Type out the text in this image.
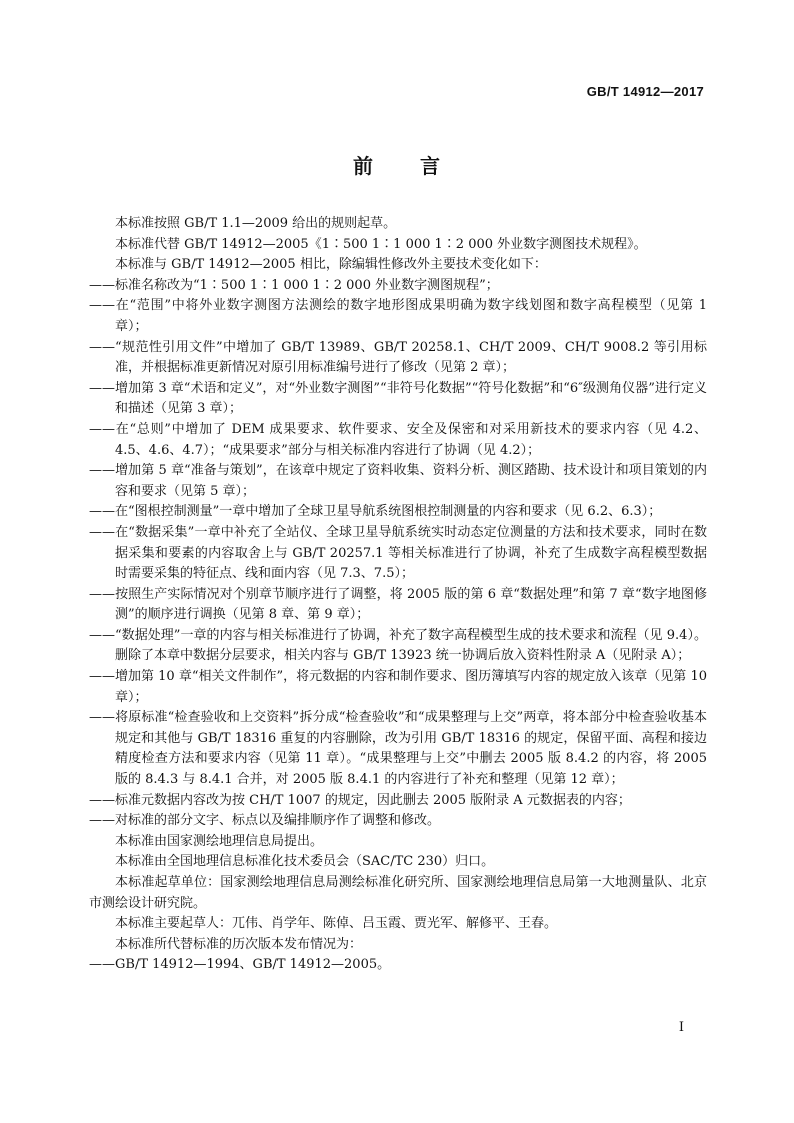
GB/T 14912—2017
前 言

本标准按照 GB/T 1.1—2009 给出的规则起草。

本标准代替 GB/T 14912—2005《1∶500 1∶1 000 1∶2 000 外业数字测图技术规程》。

本标准与 GB/T 14912—2005 相比，除编辑性修改外主要技术变化如下：

——标准名称改为“1∶500 1∶1 000 1∶2 000 外业数字测图规程”；

——在“范围”中将外业数字测图方法测绘的数字地形图成果明确为数字线划图和数字高程模型（见第 1 章）；

——“规范性引用文件”中增加了 GB/T 13989、GB/T 20258.1、CH/T 2009、CH/T 9008.2 等引用标准，并根据标准更新情况对原引用标准编号进行了修改（见第 2 章）；

——增加第 3 章“术语和定义”，对“外业数字测图”“非符号化数据”“符号化数据”和“6″级测角仪器”进行定义和描述（见第 3 章）；

——在“总则”中增加了 DEM 成果要求、软件要求、安全及保密和对采用新技术的要求内容（见 4.2、4.5、4.6、4.7）；“成果要求”部分与相关标准内容进行了协调（见 4.2）；

——增加第 5 章“准备与策划”，在该章中规定了资料收集、资料分析、测区踏勘、技术设计和项目策划的内容和要求（见第 5 章）；

——在“图根控制测量”一章中增加了全球卫星导航系统图根控制测量的内容和要求（见 6.2、6.3）；

——在“数据采集”一章中补充了全站仪、全球卫星导航系统实时动态定位测量的方法和技术要求，同时在数据采集和要素的内容取舍上与 GB/T 20257.1 等相关标准进行了协调，补充了生成数字高程模型数据时需要采集的特征点、线和面内容（见 7.3、7.5）；

——按照生产实际情况对个别章节顺序进行了调整，将 2005 版的第 6 章“数据处理”和第 7 章“数字地图修测”的顺序进行调换（见第 8 章、第 9 章）；

——“数据处理”一章的内容与相关标准进行了协调，补充了数字高程模型生成的技术要求和流程（见 9.4）。删除了本章中数据分层要求，相关内容与 GB/T 13923 统一协调后放入资料性附录 A（见附录 A）；

——增加第 10 章“相关文件制作”，将元数据的内容和制作要求、图历簿填写内容的规定放入该章（见第 10 章）；

——将原标准“检查验收和上交资料”拆分成“检查验收”和“成果整理与上交”两章，将本部分中检查验收基本规定和其他与 GB/T 18316 重复的内容删除，改为引用 GB/T 18316 的规定，保留平面、高程和接边精度检查方法和要求内容（见第 11 章）。“成果整理与上交”中删去 2005 版 8.4.2 的内容，将 2005 版的 8.4.3 与 8.4.1 合并，对 2005 版 8.4.1 的内容进行了补充和整理（见第 12 章）；

——标准元数据内容改为按 CH/T 1007 的规定，因此删去 2005 版附录 A 元数据表的内容；

——对标准的部分文字、标点以及编排顺序作了调整和修改。

本标准由国家测绘地理信息局提出。

本标准由全国地理信息标准化技术委员会（SAC/TC 230）归口。

本标准起草单位：国家测绘地理信息局测绘标准化研究所、国家测绘地理信息局第一大地测量队、北京市测绘设计研究院。

本标准主要起草人：兀伟、肖学年、陈倬、吕玉霞、贾光军、解修平、王春。

本标准所代替标准的历次版本发布情况为：

——GB/T 14912—1994、GB/T 14912—2005。

I
